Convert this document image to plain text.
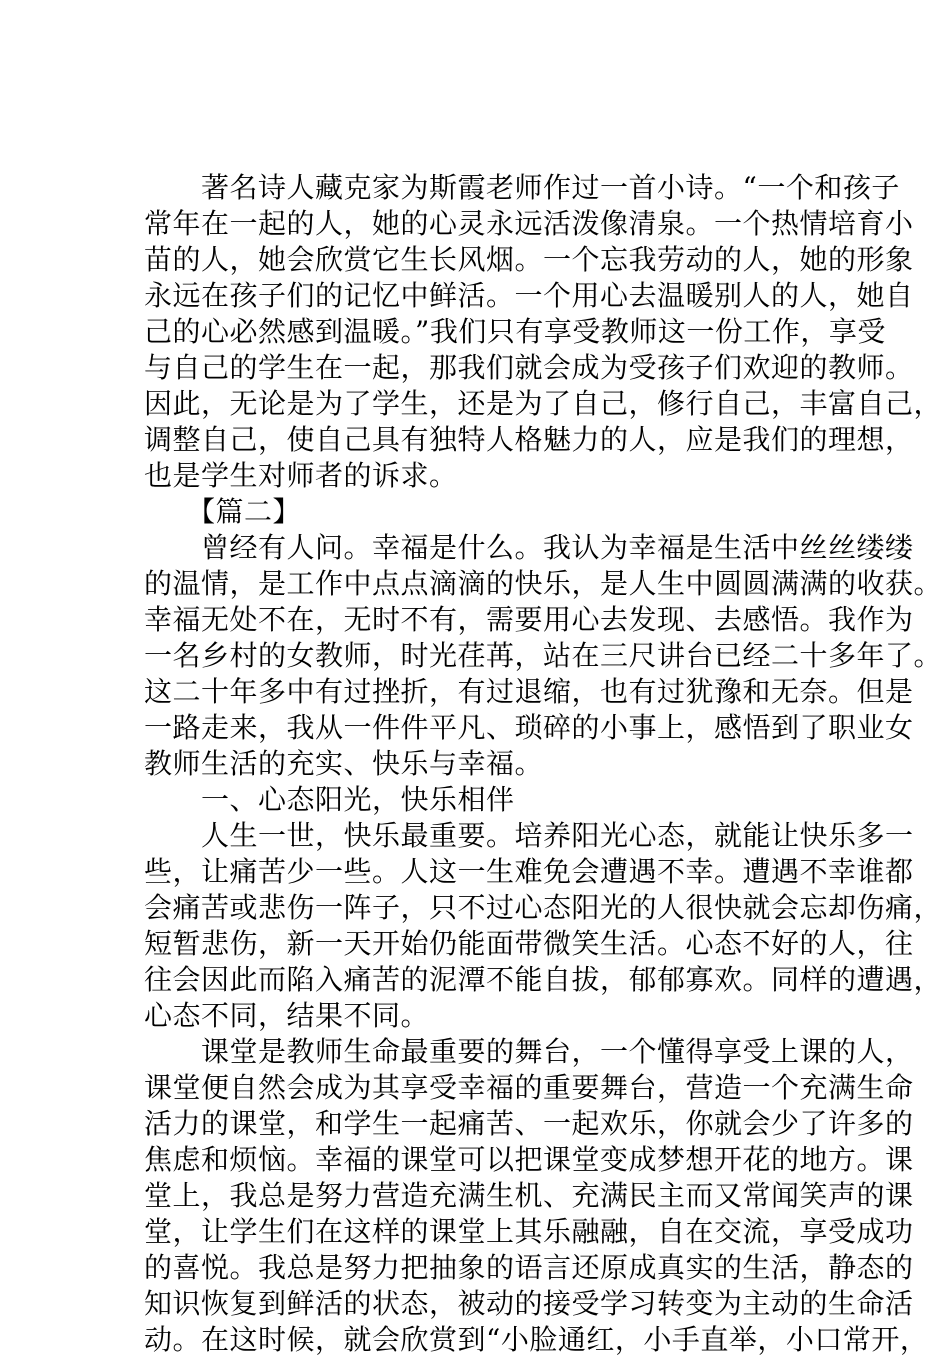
　　著名诗人藏克家为斯霞老师作过一首小诗。“一个和孩子
常年在一起的人，她的心灵永远活泼像清泉。一个热情培育小
苗的人，她会欣赏它生长风烟。一个忘我劳动的人，她的形象
永远在孩子们的记忆中鲜活。一个用心去温暖别人的人，她自
己的心必然感到温暖。”我们只有享受教师这一份工作，享受
与自己的学生在一起，那我们就会成为受孩子们欢迎的教师。
因此，无论是为了学生，还是为了自己，修行自己，丰富自己，
调整自己，使自己具有独特人格魅力的人，应是我们的理想，
也是学生对师者的诉求。
　　【篇二】
　　曾经有人问。幸福是什么。我认为幸福是生活中丝丝缕缕
的温情，是工作中点点滴滴的快乐，是人生中圆圆满满的收获。
幸福无处不在，无时不有，需要用心去发现、去感悟。我作为
一名乡村的女教师，时光荏苒，站在三尺讲台已经二十多年了。
这二十年多中有过挫折，有过退缩，也有过犹豫和无奈。但是
一路走来，我从一件件平凡、琐碎的小事上，感悟到了职业女
教师生活的充实、快乐与幸福。
　　一、心态阳光，快乐相伴
　　人生一世，快乐最重要。培养阳光心态，就能让快乐多一
些，让痛苦少一些。人这一生难免会遭遇不幸。遭遇不幸谁都
会痛苦或悲伤一阵子，只不过心态阳光的人很快就会忘却伤痛，
短暂悲伤，新一天开始仍能面带微笑生活。心态不好的人，往
往会因此而陷入痛苦的泥潭不能自拔，郁郁寡欢。同样的遭遇，
心态不同，结果不同。
　　课堂是教师生命最重要的舞台，一个懂得享受上课的人，
课堂便自然会成为其享受幸福的重要舞台，营造一个充满生命
活力的课堂，和学生一起痛苦、一起欢乐，你就会少了许多的
焦虑和烦恼。幸福的课堂可以把课堂变成梦想开花的地方。课
堂上，我总是努力营造充满生机、充满民主而又常闻笑声的课
堂，让学生们在这样的课堂上其乐融融，自在交流，享受成功
的喜悦。我总是努力把抽象的语言还原成真实的生活，静态的
知识恢复到鲜活的状态，被动的接受学习转变为主动的生命活
动。在这时候，就会欣赏到“小脸通红，小手直举，小口常开，
